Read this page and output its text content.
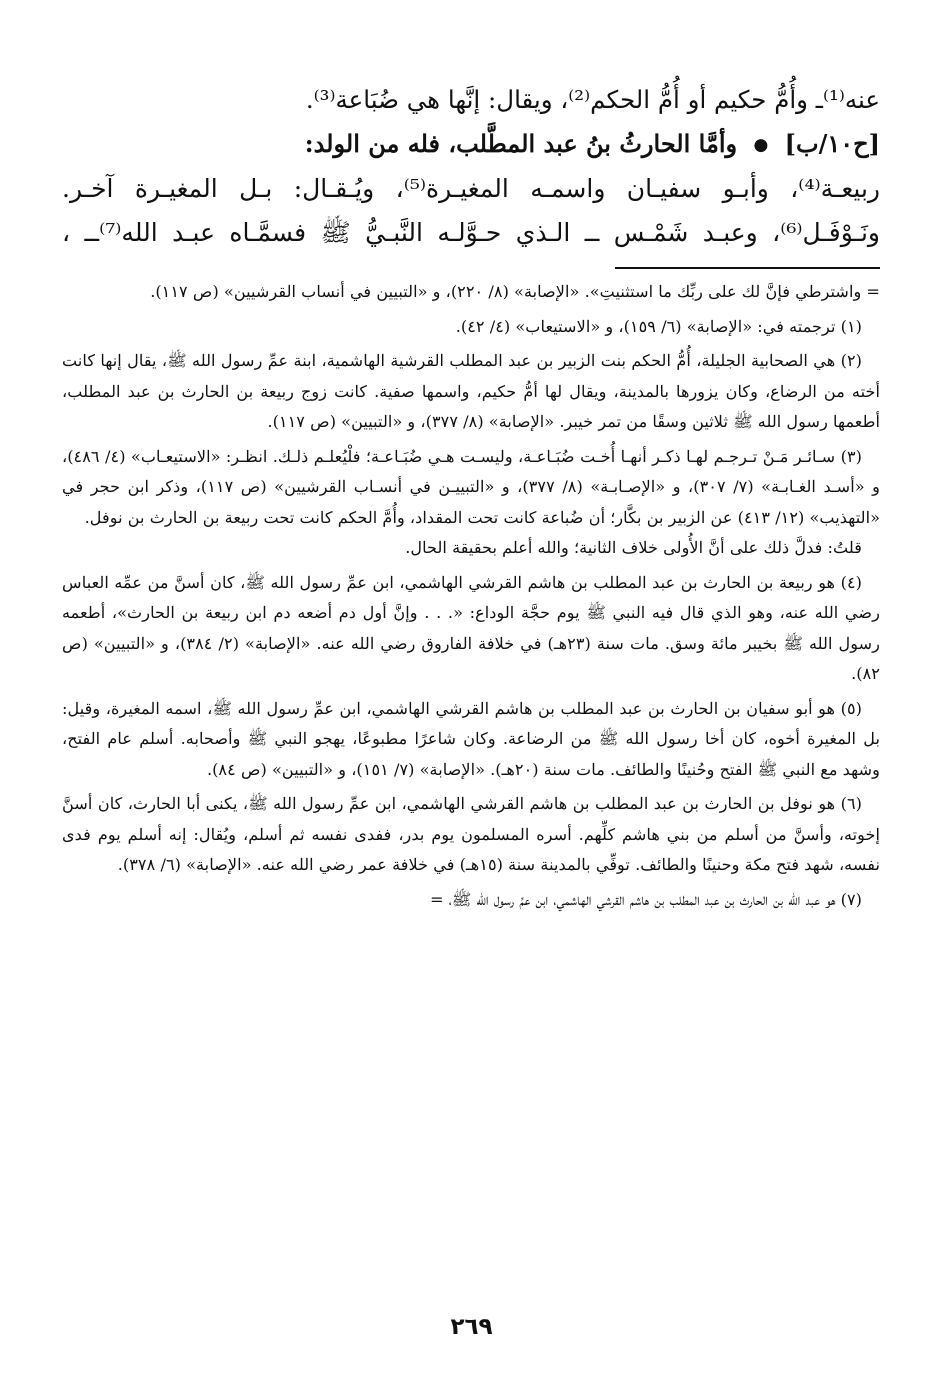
عنه⁽¹⁾ـ وأُمُّ حكيم أو أُمُّ الحكم⁽²⁾، ويقال: إنَّها هي ضُبَاعة⁽³⁾.

[ح١٠/ب] ● وأمَّا الحارثُ بنُ عبد المطَّلب، فله من الولد:

ربيعـة⁽⁴⁾، وأبـو سفيـان واسمـه المغيـرة⁽⁵⁾، ويُـقـال: بـل المغيـرة آخـر.

ونَـوْفَـل⁽⁶⁾، وعبـد شَمْـس ــ الـذي حـوَّلـه النَّبـيُّ ﷺ فسمَّـاه عبـد الله⁽⁷⁾ــ ،

= واشترطي فإنَّ لك على ربِّك ما استثنيتِ». «الإصابة» (٨/ ٢٢٠)، و «التبيين في أنساب القرشيين» (ص ١١٧).

(١) ترجمته في: «الإصابة» (٦/ ١٥٩)، و «الاستيعاب» (٤/ ٤٢).

(٢) هي الصحابية الجليلة، أُمُّ الحكم بنت الزبير بن عبد المطلب القرشية الهاشمية، ابنة عمِّ رسول الله ﷺ، يقال إنها كانت أخته من الرضاع، وكان يزورها بالمدينة، ويقال لها أمُّ حكيم، واسمها صفية. كانت زوج ربيعة بن الحارث بن عبد المطلب، أطعمها رسول الله ﷺ ثلاثين وسقًا من تمر خيبر. «الإصابة» (٨/ ٣٧٧)، و «التبيين» (ص ١١٧).

(٣) سـائـر مَـنْ تـرجـم لهـا ذكـر أنهـا أُخـت ضُبَـاعـة، وليسـت هـي ضُبَـاعـة؛ فلْيُعلـم ذلـك. انظـر: «الاستيعـاب» (٤/ ٤٨٦)، و «أسـد الغـابـة» (٧/ ٣٠٧)، و «الإصـابـة» (٨/ ٣٧٧)، و «التبييـن في أنسـاب القرشيين» (ص ١١٧)، وذكر ابن حجر في «التهذيب» (١٢/ ٤١٣) عن الزبير بن بكَّار؛ أن ضُباعة كانت تحت المقداد، وأُمَّ الحكم كانت تحت ربيعة بن الحارث بن نوفل.

قلتُ: فدلَّ ذلك على أنَّ الأُولى خلاف الثانية؛ والله أعلم بحقيقة الحال.

(٤) هو ربيعة بن الحارث بن عبد المطلب بن هاشم القرشي الهاشمي، ابن عمِّ رسول الله ﷺ، كان أسنَّ من عمِّه العباس رضي الله عنه، وهو الذي قال فيه النبي ﷺ يوم حجَّة الوداع: «. . . وإنَّ أول دم أضعه دم ابن ربيعة بن الحارث»، أطعمه رسول الله ﷺ بخيبر مائة وسق. مات سنة (٢٣هـ) في خلافة الفاروق رضي الله عنه. «الإصابة» (٢/ ٣٨٤)، و «التبيين» (ص ٨٢).

(٥) هو أبو سفيان بن الحارث بن عبد المطلب بن هاشم القرشي الهاشمي، ابن عمِّ رسول الله ﷺ، اسمه المغيرة، وقيل: بل المغيرة أخوه، كان أخا رسول الله ﷺ من الرضاعة. وكان شاعرًا مطبوعًا، يهجو النبي ﷺ وأصحابه. أسلم عام الفتح، وشهد مع النبي ﷺ الفتح وحُنينًا والطائف. مات سنة (٢٠هـ). «الإصابة» (٧/ ١٥١)، و «التبيين» (ص ٨٤).

(٦) هو نوفل بن الحارث بن عبد المطلب بن هاشم القرشي الهاشمي، ابن عمِّ رسول الله ﷺ، يكنى أبا الحارث، كان أسنَّ إخوته، وأسنَّ من أسلم من بني هاشم كلِّهم. أسره المسلمون يوم بدر، ففدى نفسه ثم أسلم، ويُقال: إنه أسلم يوم فدى نفسه، شهد فتح مكة وحنينًا والطائف. توفِّي بالمدينة سنة (١٥هـ) في خلافة عمر رضي الله عنه. «الإصابة» (٦/ ٣٧٨).

(٧) هو عبد الله بن الحارث بن عبد المطلب بن هاشم القرشي الهاشمي، ابن عمِّ رسول الله ﷺ، =

٢٦٩
